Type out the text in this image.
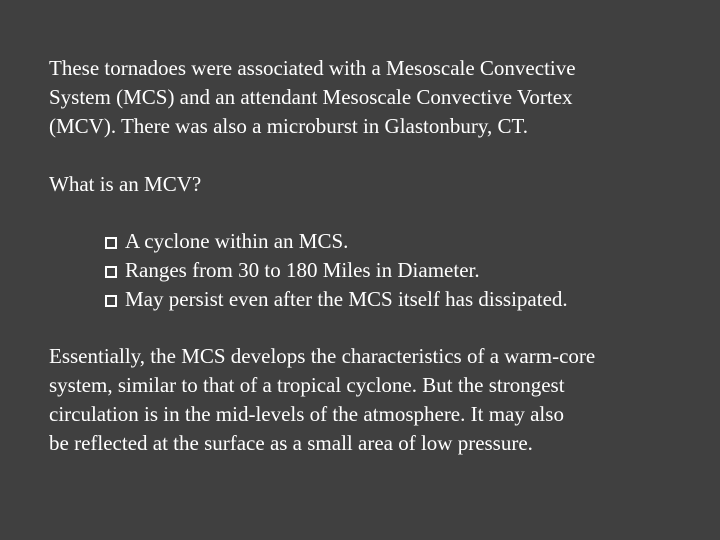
These tornadoes were associated with a Mesoscale Convective
System (MCS) and an attendant Mesoscale Convective Vortex
(MCV). There was also a microburst in Glastonbury, CT.

What is an MCV?

A cyclone within an MCS.
Ranges from 30 to 180 Miles in Diameter.
May persist even after the MCS itself has dissipated.

Essentially, the MCS develops the characteristics of a warm-core
system, similar to that of a tropical cyclone. But the strongest
circulation is in the mid-levels of the atmosphere. It may also
be reflected at the surface as a small area of low pressure.
